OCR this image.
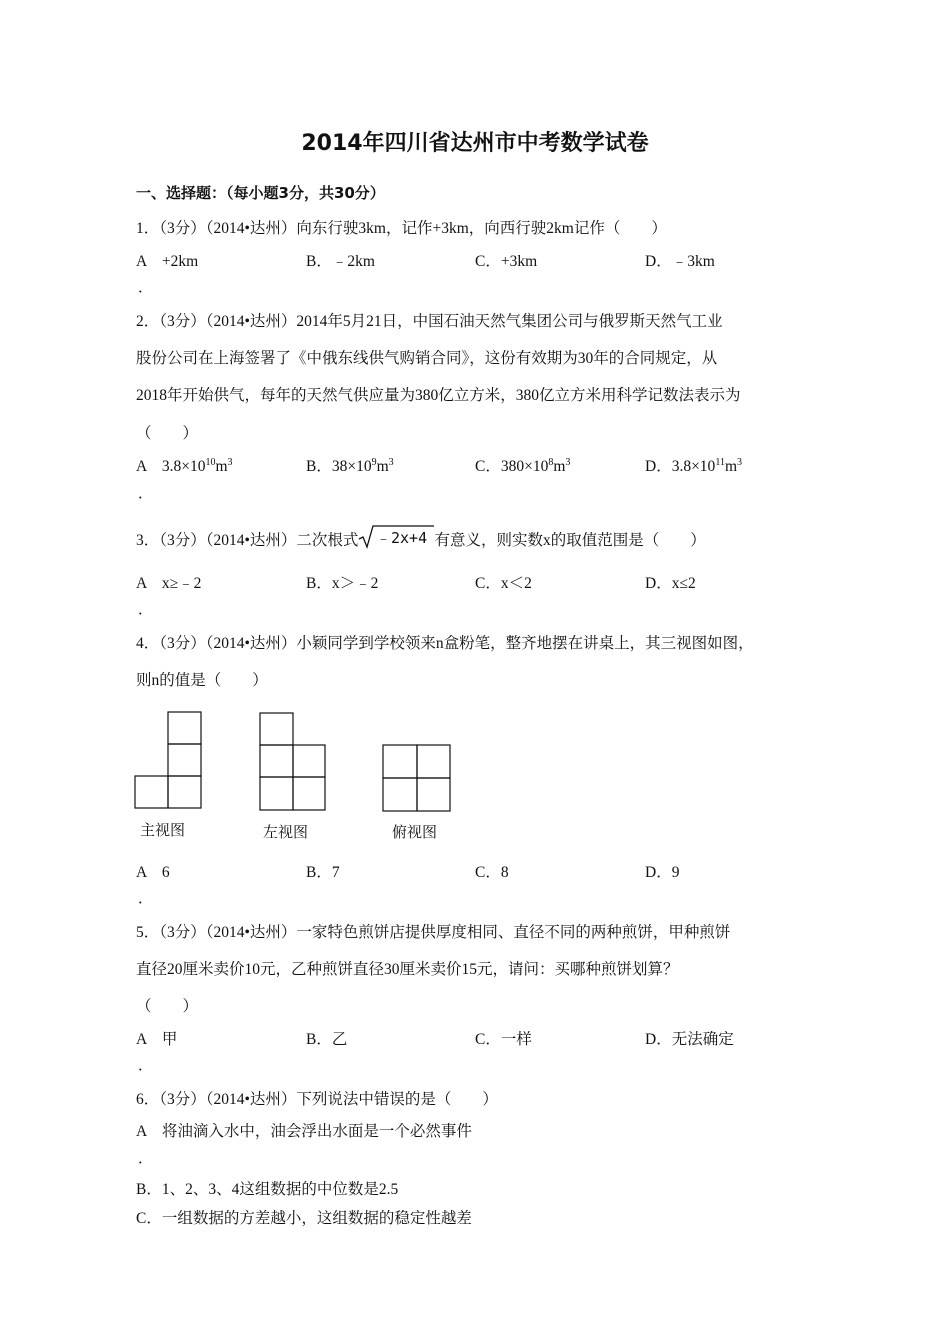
2014年四川省达州市中考数学试卷
一、选择题：（每小题3分，共30分）
1．（3分）（2014•达州）向东行驶3km，记作+3km，向西行驶2km记作（　　）
A　+2km	B．﹣2km	C．+3km	D．﹣3km
．
2．（3分）（2014•达州）2014年5月21日，中国石油天然气集团公司与俄罗斯天然气工业
股份公司在上海签署了《中俄东线供气购销合同》，这份有效期为30年的合同规定，从
2018年开始供气，每年的天然气供应量为380亿立方米，380亿立方米用科学记数法表示为
（　　）
A　$3.8\times 10^{10}m^3$	B．$38\times 10^9m^3$	C．$380\times 10^8m^3$	D．$3.8\times 10^{11}m^3$
．
3．（3分）（2014•达州）二次根式 ﹣2x+4 有意义，则实数x的取值范围是（　　）
A　x≥﹣2	B．x＞﹣2	C．x＜2	D．x≤2
．
4．（3分）（2014•达州）小颖同学到学校领来n盒粉笔，整齐地摆在讲桌上，其三视图如图，
则n的值是（　　）
主视图	左视图	俯视图
A　6	B．7	C．8	D．9
．
5．（3分）（2014•达州）一家特色煎饼店提供厚度相同、直径不同的两种煎饼，甲种煎饼
直径20厘米卖价10元，乙种煎饼直径30厘米卖价15元，请问：买哪种煎饼划算？
（　　）
A　甲	B．乙	C．一样	D．无法确定
．
6．（3分）（2014•达州）下列说法中错误的是（　　）
A　将油滴入水中，油会浮出水面是一个必然事件
．
B．1、2、3、4这组数据的中位数是2.5
C．一组数据的方差越小，这组数据的稳定性越差
